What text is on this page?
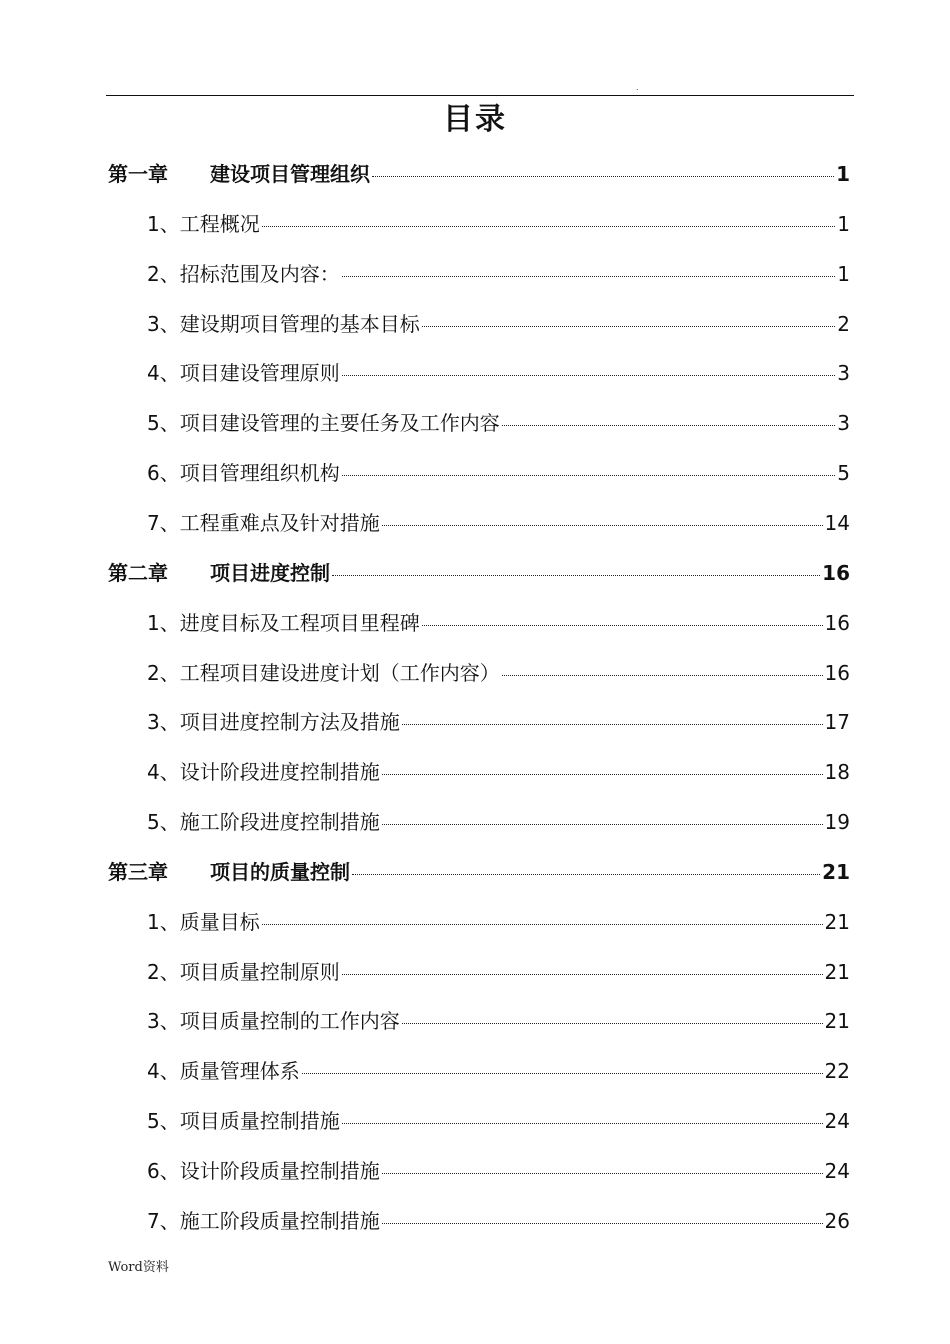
.
目录
第一章	建设项目管理组织	1
1、工程概况	1
2、招标范围及内容：	1
3、建设期项目管理的基本目标	2
4、项目建设管理原则	3
5、项目建设管理的主要任务及工作内容	3
6、项目管理组织机构	5
7、工程重难点及针对措施	14
第二章	项目进度控制	16
1、进度目标及工程项目里程碑	16
2、工程项目建设进度计划（工作内容）	16
3、项目进度控制方法及措施	17
4、设计阶段进度控制措施	18
5、施工阶段进度控制措施	19
第三章	项目的质量控制	21
1、质量目标	21
2、项目质量控制原则	21
3、项目质量控制的工作内容	21
4、质量管理体系	22
5、项目质量控制措施	24
6、设计阶段质量控制措施	24
7、施工阶段质量控制措施	26
Word资料
